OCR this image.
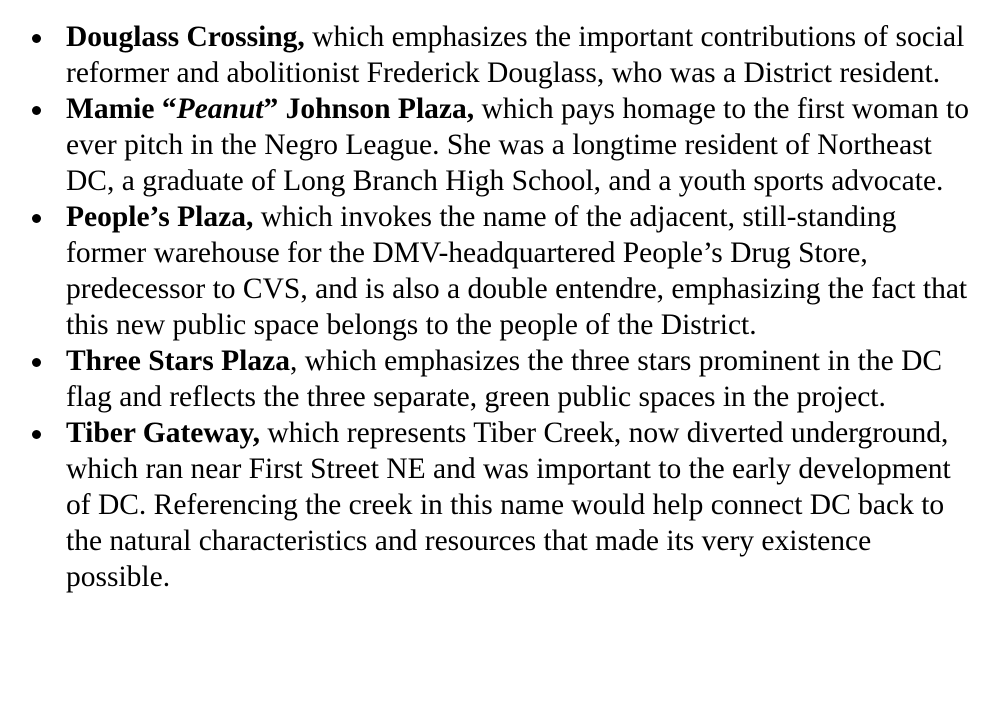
Douglass Crossing, which emphasizes the important contributions of social reformer and abolitionist Frederick Douglass, who was a District resident.
Mamie “Peanut” Johnson Plaza, which pays homage to the first woman to ever pitch in the Negro League. She was a longtime resident of Northeast DC, a graduate of Long Branch High School, and a youth sports advocate.
People’s Plaza, which invokes the name of the adjacent, still-standing former warehouse for the DMV-headquartered People’s Drug Store, predecessor to CVS, and is also a double entendre, emphasizing the fact that this new public space belongs to the people of the District.
Three Stars Plaza, which emphasizes the three stars prominent in the DC flag and reflects the three separate, green public spaces in the project.
Tiber Gateway, which represents Tiber Creek, now diverted underground, which ran near First Street NE and was important to the early development of DC. Referencing the creek in this name would help connect DC back to the natural characteristics and resources that made its very existence possible.
